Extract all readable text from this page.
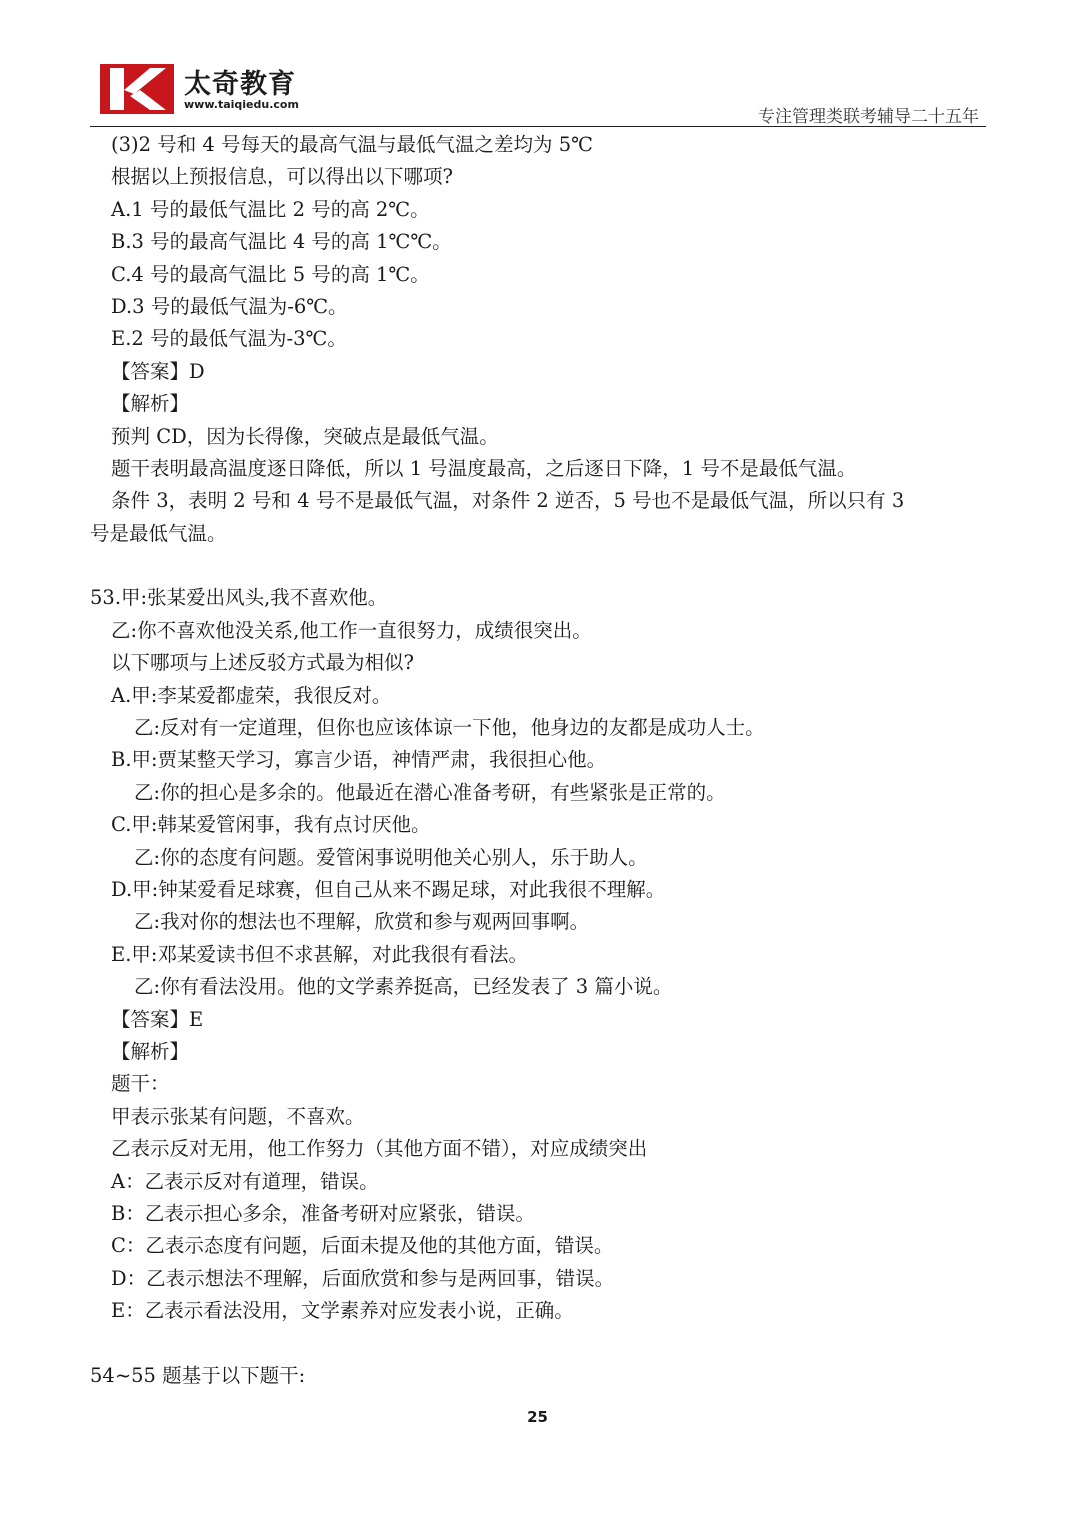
太奇教育
www.taiqiedu.com
专注管理类联考辅导二十五年
(3)2 号和 4 号每天的最高气温与最低气温之差均为 5℃
根据以上预报信息，可以得出以下哪项?
A.1 号的最低气温比 2 号的高 2℃。
B.3 号的最高气温比 4 号的高 1℃℃。
C.4 号的最高气温比 5 号的高 1℃。
D.3 号的最低气温为-6℃。
E.2 号的最低气温为-3℃。
【答案】D
【解析】
预判 CD，因为长得像，突破点是最低气温。
题干表明最高温度逐日降低，所以 1 号温度最高，之后逐日下降，1 号不是最低气温。
条件 3，表明 2 号和 4 号不是最低气温，对条件 2 逆否，5 号也不是最低气温，所以只有 3
号是最低气温。
53.甲:张某爱出风头,我不喜欢他。
乙:你不喜欢他没关系,他工作一直很努力，成绩很突出。
以下哪项与上述反驳方式最为相似?
A.甲:李某爱都虚荣，我很反对。
乙:反对有一定道理，但你也应该体谅一下他，他身边的友都是成功人士。
B.甲:贾某整天学习，寡言少语，神情严肃，我很担心他。
乙:你的担心是多余的。他最近在潜心准备考研，有些紧张是正常的。
C.甲:韩某爱管闲事，我有点讨厌他。
乙:你的态度有问题。爱管闲事说明他关心别人，乐于助人。
D.甲:钟某爱看足球赛，但自己从来不踢足球，对此我很不理解。
乙:我对你的想法也不理解，欣赏和参与观两回事啊。
E.甲:邓某爱读书但不求甚解，对此我很有看法。
乙:你有看法没用。他的文学素养挺高，已经发表了 3 篇小说。
【答案】E
【解析】
题干：
甲表示张某有问题，不喜欢。
乙表示反对无用，他工作努力（其他方面不错），对应成绩突出
A：乙表示反对有道理，错误。
B：乙表示担心多余，准备考研对应紧张，错误。
C：乙表示态度有问题，后面未提及他的其他方面，错误。
D：乙表示想法不理解，后面欣赏和参与是两回事，错误。
E：乙表示看法没用，文学素养对应发表小说，正确。
54~55 题基于以下题干:
25
